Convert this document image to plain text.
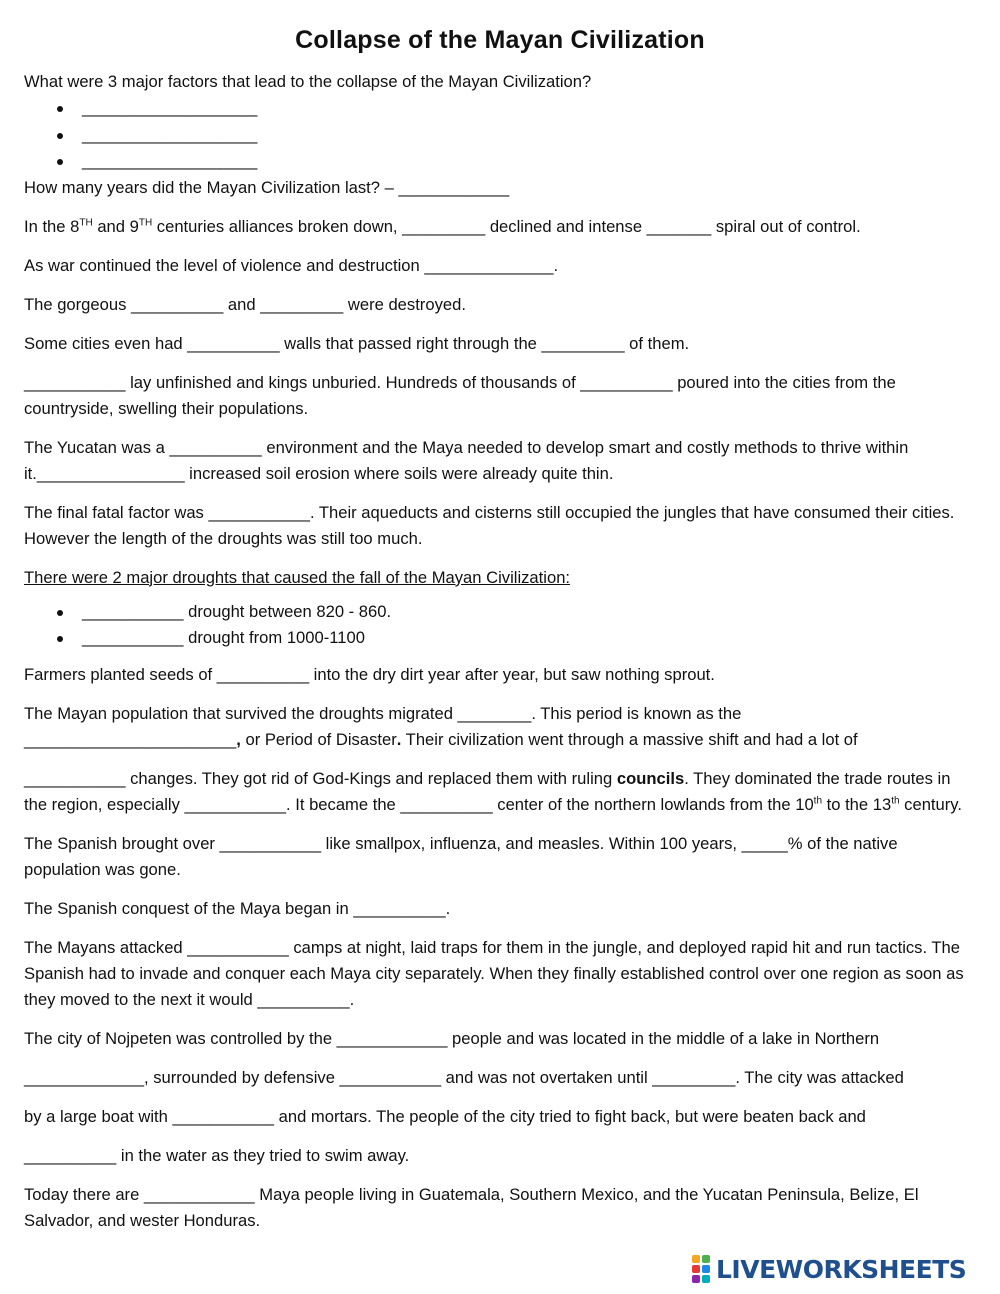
Collapse of the Mayan Civilization

What were 3 major factors that lead to the collapse of the Mayan Civilization?

___________________
___________________
___________________

How many years did the Mayan Civilization last? – ____________

In the 8TH and 9TH centuries alliances broken down, _________ declined and intense _______ spiral out of control.

As war continued the level of violence and destruction ______________.

The gorgeous __________ and _________ were destroyed.

Some cities even had __________ walls that passed right through the _________ of them.

___________ lay unfinished and kings unburied. Hundreds of thousands of __________ poured into the cities from the countryside, swelling their populations.

The Yucatan was a __________ environment and the Maya needed to develop smart and costly methods to thrive within it.________________ increased soil erosion where soils were already quite thin.

The final fatal factor was ___________. Their aqueducts and cisterns still occupied the jungles that have consumed their cities. However the length of the droughts was still too much.

There were 2 major droughts that caused the fall of the Mayan Civilization:

___________ drought between 820 - 860.
___________ drought from 1000-1100

Farmers planted seeds of __________ into the dry dirt year after year, but saw nothing sprout.

The Mayan population that survived the droughts migrated ________. This period is known as the
_______________________, or Period of Disaster. Their civilization went through a massive shift and had a lot of

___________ changes. They got rid of God-Kings and replaced them with ruling councils. They dominated the trade routes in the region, especially ___________. It became the __________ center of the northern lowlands from the 10th to the 13th century.

The Spanish brought over ___________ like smallpox, influenza, and measles. Within 100 years, _____% of the native population was gone.

The Spanish conquest of the Maya began in __________.

The Mayans attacked ___________ camps at night, laid traps for them in the jungle, and deployed rapid hit and run tactics. The Spanish had to invade and conquer each Maya city separately. When they finally established control over one region as soon as they moved to the next it would __________.

The city of Nojpeten was controlled by the ____________ people and was located in the middle of a lake in Northern

_____________, surrounded by defensive ___________ and was not overtaken until _________. The city was attacked

by a large boat with ___________ and mortars. The people of the city tried to fight back, but were beaten back and

__________ in the water as they tried to swim away.

Today there are ____________ Maya people living in Guatemala, Southern Mexico, and the Yucatan Peninsula, Belize, El Salvador, and wester Honduras.

LIVEWORKSHEETS
